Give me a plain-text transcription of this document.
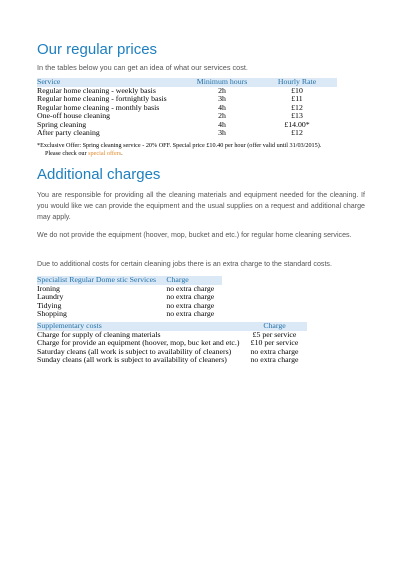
Our regular prices
In the tables below you can get an idea of what our services cost.
Service	Minimum hours	Hourly Rate
Regular home cleaning - weekly basis	2h	£10
Regular home cleaning - fortnightly basis	3h	£11
Regular home cleaning - monthly basis	4h	£12
One-off house cleaning	2h	£13
Spring cleaning	4h	£14.00*
After party cleaning	3h	£12
*Exclusive Offer: Spring cleaning service - 20% OFF. Special price £10.40 per hour (offer valid until 31/03/2015).
Please check our special offers.
Additional charges
You are responsible for providing all the cleaning materials and equipment needed for the cleaning. If you would like we can provide the equipment and the usual supplies on a request and additional charge may apply.
We do not provide the equipment (hoover, mop, bucket and etc.) for regular home cleaning services.
Due to additional costs for certain cleaning jobs there is an extra charge to the standard costs.
Specialist Regular Dome stic Services	Charge
Ironing	no extra charge
Laundry	no extra charge
Tidying	no extra charge
Shopping	no extra charge
Supplementary costs	Charge
Charge for supply of cleaning materials	£5 per service
Charge for provide an equipment (hoover, mop, buc ket and etc.)	£10 per service
Saturday cleans (all work is subject to availability of cleaners)	no extra charge
Sunday cleans (all work is subject to availability of cleaners)	no extra charge
